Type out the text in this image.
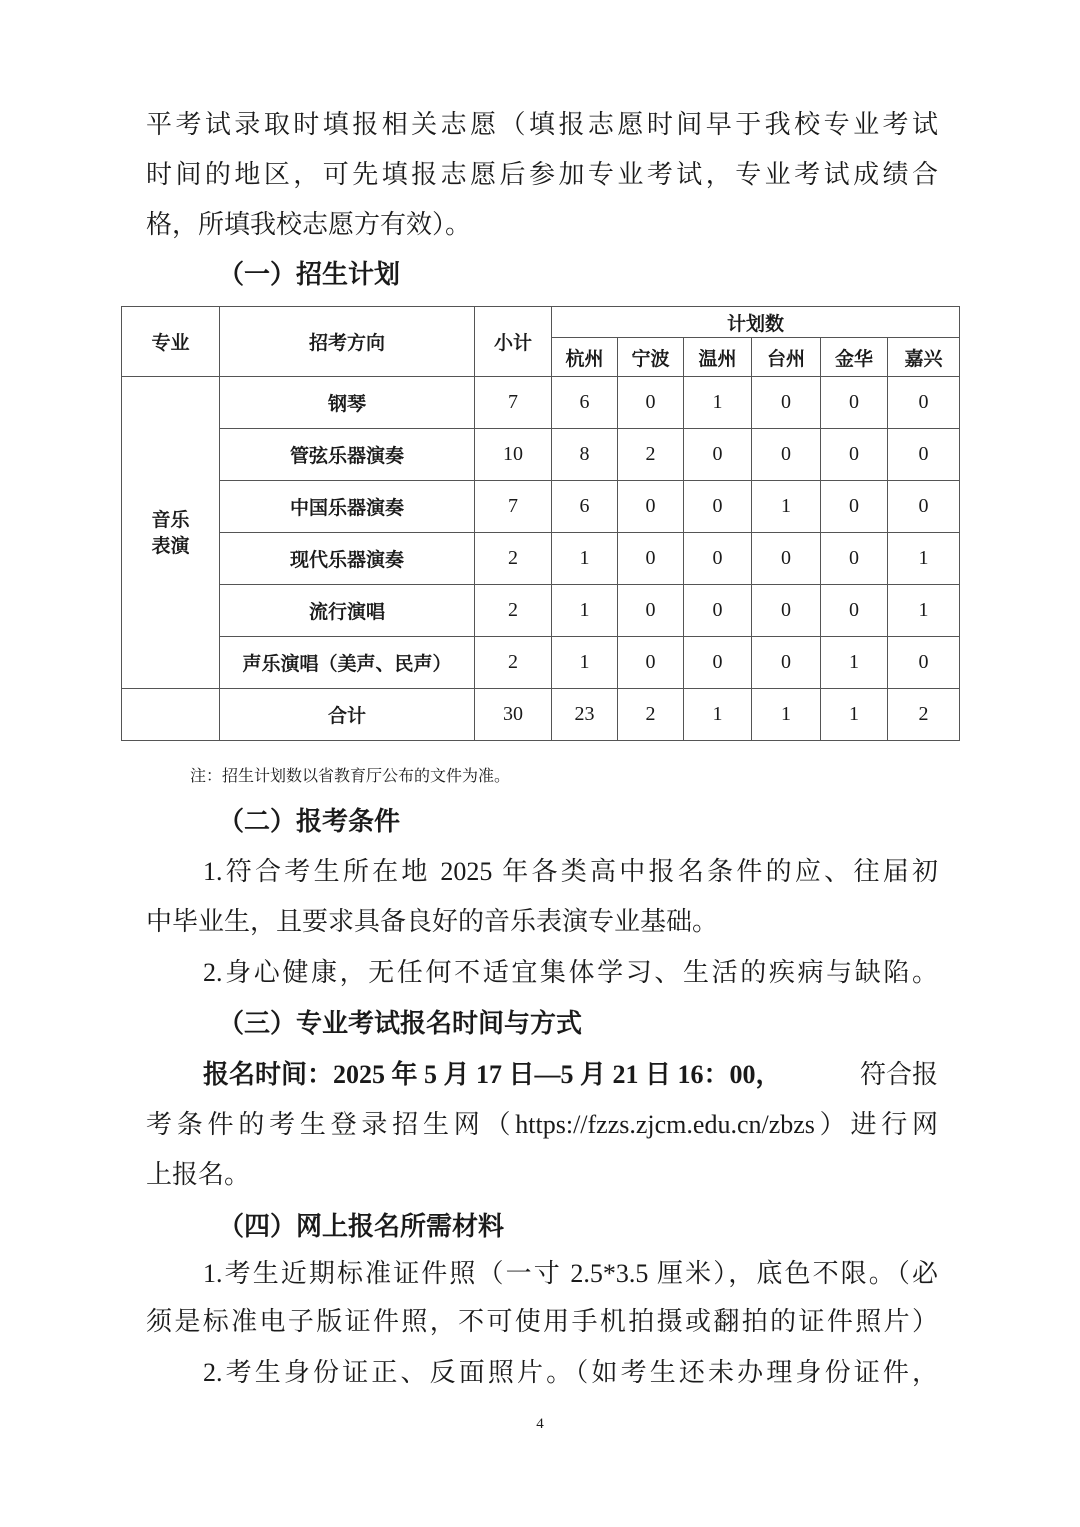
平考试录取时填报相关志愿（填报志愿时间早于我校专业考试
时间的地区，可先填报志愿后参加专业考试，专业考试成绩合
格，所填我校志愿方有效）。
（一）招生计划
专业	招考方向	小计	计划数					
			杭州	宁波	温州	台州	金华	嘉兴

音乐
表演	钢琴	7	6	0	1	0	0	0
	管弦乐器演奏	10	8	2	0	0	0	0
	中国乐器演奏	7	6	0	0	1	0	0
	现代乐器演奏	2	1	0	0	0	0	1
	流行演唱	2	1	0	0	0	0	1
	声乐演唱（美声、民声）	2	1	0	0	0	1	0
	合计	30	23	2	1	1	1	2
注：招生计划数以省教育厅公布的文件为准。
（二）报考条件
1.符合考生所在地 2025 年各类高中报名条件的应、往届初
中毕业生，且要求具备良好的音乐表演专业基础。
2.身心健康，无任何不适宜集体学习、生活的疾病与缺陷。
（三）专业考试报名时间与方式
报名时间：2025 年 5 月 17 日—5 月 21 日 16：00，	符合报
考条件的考生登录招生网（https://fzzs.zjcm.edu.cn/zbzs）进行网
上报名。
（四）网上报名所需材料
1.考生近期标准证件照（一寸 2.5*3.5 厘米），底色不限。（必
须是标准电子版证件照，不可使用手机拍摄或翻拍的证件照片）
2.考生身份证正、反面照片。（如考生还未办理身份证件，
4
